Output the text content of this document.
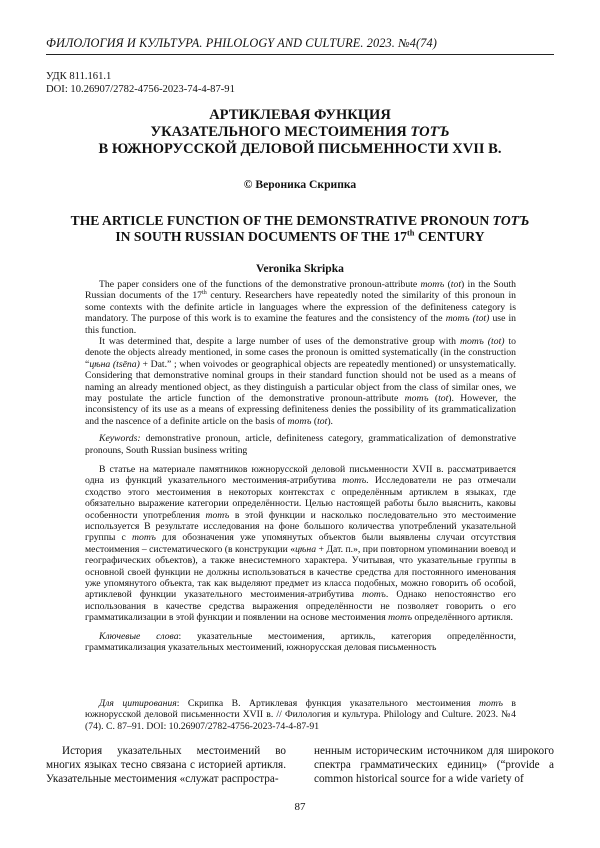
ФИЛОЛОГИЯ И КУЛЬТУРА. PHILOLOGY AND CULTURE. 2023. №4(74)
УДК 811.161.1
DOI: 10.26907/2782-4756-2023-74-4-87-91
АРТИКЛЕВАЯ ФУНКЦИЯ
УКАЗАТЕЛЬНОГО МЕСТОИМЕНИЯ ТОТЪ
В ЮЖНОРУССКОЙ ДЕЛОВОЙ ПИСЬМЕННОСТИ XVII В.
© Вероника Скрипка
THE ARTICLE FUNCTION OF THE DEMONSTRATIVE PRONOUN ТОТЪ
IN SOUTH RUSSIAN DOCUMENTS OF THE 17th CENTURY
Veronika Skripka

The paper considers one of the functions of the demonstrative pronoun-attribute тотъ (tot) in the South Russian documents of the 17th century. Researchers have repeatedly noted the similarity of this pronoun in some contexts with the definite article in languages where the expression of the definiteness category is mandatory. The purpose of this work is to examine the features and the consistency of the тотъ (tot) use in this function.

It was determined that, despite a large number of uses of the demonstrative group with тотъ (tot) to denote the objects already mentioned, in some cases the pronoun is omitted systematically (in the construction “цѣна (tsēna) + Dat.” ; when voivodes or geographical objects are repeatedly mentioned) or unsystematically. Considering that demonstrative nominal groups in their standard function should not be used as a means of naming an already mentioned object, as they distinguish a particular object from the class of similar ones, we may postulate the article function of the demonstrative pronoun-attribute тотъ (tot). However, the inconsistency of its use as a means of expressing definiteness denies the possibility of its grammaticalization and the nascence of a definite article on the basis of тотъ (tot).

Keywords: demonstrative pronoun, article, definiteness category, grammaticalization of demonstrative pronouns, South Russian business writing

В статье на материале памятников южнорусской деловой письменности XVII в. рассматривается одна из функций указательного местоимения-атрибутива тотъ. Исследователи не раз отмечали сходство этого местоимения в некоторых контекстах с определённым артиклем в языках, где обязательно выражение категории определённости. Целью настоящей работы было выяснить, каковы особенности употребления тотъ в этой функции и насколько последовательно это местоимение используется В результате исследования на фоне большого количества употреблений указательной группы с тотъ для обозначения уже упомянутых объектов были выявлены случаи отсутствия местоимения – систематического (в конструкции «цѣна + Дат. п.», при повторном упоминании воевод и географических объектов), а также внесистемного характера. Учитывая, что указательные группы в основной своей функции не должны использоваться в качестве средства для постоянного именования уже упомянутого объекта, так как выделяют предмет из класса подобных, можно говорить об особой, артиклевой функции указательного местоимения-атрибутива тотъ. Однако непостоянство его использования в качестве средства выражения определённости не позволяет говорить о его грамматикализации в этой функции и появлении на основе местоимения тотъ определённого артикля.

Ключевые слова: указательные местоимения, артикль, категория определённости, грамматикализация указательных местоимений, южнорусская деловая письменность

Для цитирования: Скрипка В. Артиклевая функция указательного местоимения тотъ в южнорусской деловой письменности XVII в. // Филология и культура. Philology and Culture. 2023. №4 (74). С. 87–91. DOI: 10.26907/2782-4756-2023-74-4-87-91

История указательных местоимений во многих языках тесно связана с историей артикля. Указательные местоимения «служат распростра-

ненным историческим источником для широкого спектра грамматических единиц» (“provide a common historical source for a wide variety of

87
